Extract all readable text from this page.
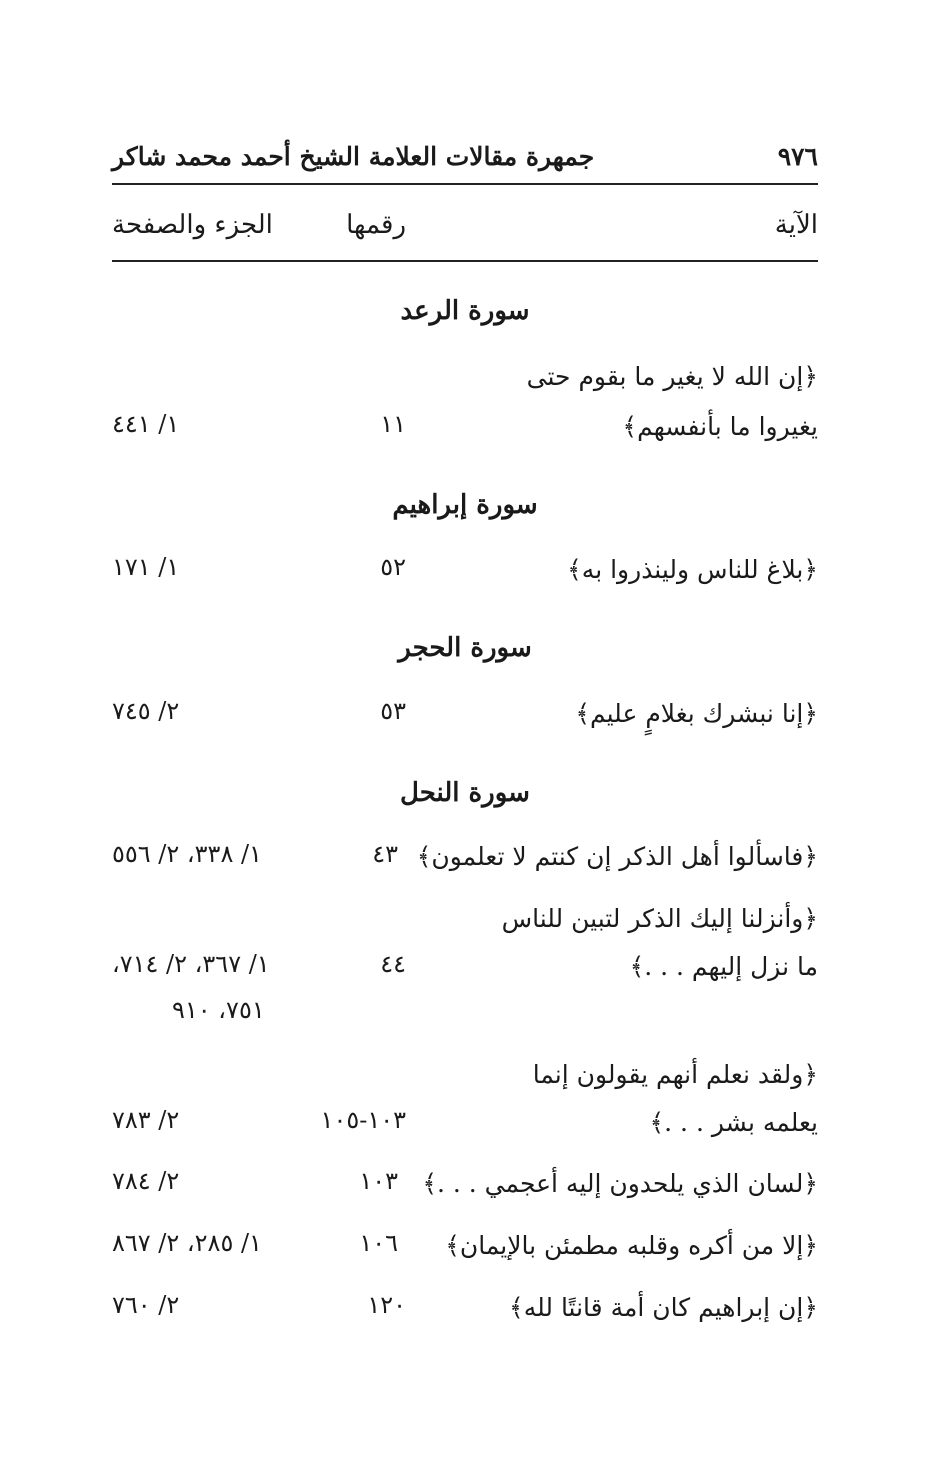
٩٧٦
جمهرة مقالات العلامة الشيخ أحمد محمد شاكر
الآية
رقمها
الجزء والصفحة
سورة الرعد
﴿إن الله لا يغير ما بقوم حتى
يغيروا ما بأنفسهم﴾
١١
١/ ٤٤١
سورة إبراهيم
﴿بلاغ للناس ولينذروا به﴾
٥٢
١/ ١٧١
سورة الحجر
﴿إنا نبشرك بغلامٍ عليم﴾
٥٣
٢/ ٧٤٥
سورة النحل
﴿فاسألوا أهل الذكر إن كنتم لا تعلمون﴾
٤٣
١/ ٣٣٨، ٢/ ٥٥٦
﴿وأنزلنا إليك الذكر لتبين للناس
ما نزل إليهم . . .﴾
٤٤
١/ ٣٦٧، ٢/ ٧١٤،
٧٥١، ٩١٠
﴿ولقد نعلم أنهم يقولون إنما
يعلمه بشر . . .﴾
١٠٣-١٠٥
٢/ ٧٨٣
﴿لسان الذي يلحدون إليه أعجمي . . .﴾
١٠٣
٢/ ٧٨٤
﴿إلا من أكره وقلبه مطمئن بالإيمان﴾
١٠٦
١/ ٢٨٥، ٢/ ٨٦٧
﴿إن إبراهيم كان أمة قانتًا لله﴾
١٢٠
٢/ ٧٦٠
